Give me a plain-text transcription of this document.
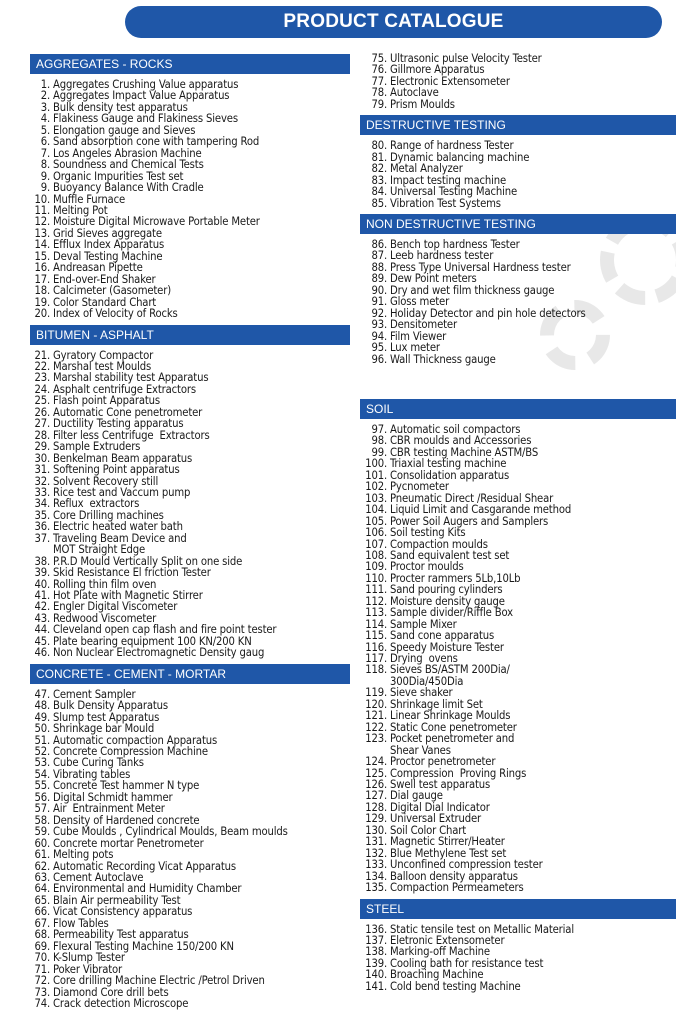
PRODUCT CATALOGUE
AGGREGATES - ROCKS
1. Aggregates Crushing Value apparatus
2. Aggregates Impact Value Apparatus
3. Bulk density test apparatus
4. Flakiness Gauge and Flakiness Sieves
5. Elongation gauge and Sieves
6. Sand absorption cone with tampering Rod
7. Los Angeles Abrasion Machine
8. Soundness and Chemical Tests
9. Organic Impurities Test set
9. Buoyancy Balance With Cradle
10. Muffle Furnace
11. Melting Pot
12. Moisture Digital Microwave Portable Meter
13. Grid Sieves aggregate
14. Efflux Index Apparatus
15. Deval Testing Machine
16. Andreasan Pipette
17. End-over-End Shaker
18. Calcimeter (Gasometer)
19. Color Standard Chart
20. Index of Velocity of Rocks
BITUMEN - ASPHALT
21. Gyratory Compactor
22. Marshal test Moulds
23. Marshal stability test Apparatus
24. Asphalt centrifuge Extractors
25. Flash point Apparatus
26. Automatic Cone penetrometer
27. Ductility Testing apparatus
28. Filter less Centrifuge  Extractors
29. Sample Extruders
30. Benkelman Beam apparatus
31. Softening Point apparatus
32. Solvent Recovery still
33. Rice test and Vaccum pump
34. Reflux  extractors
35. Core Drilling machines
36. Electric heated water bath
37. Traveling Beam Device and
MOT Straight Edge
38. P.R.D Mould Vertically Split on one side
39. Skid Resistance El friction Tester
40. Rolling thin film oven
41. Hot Plate with Magnetic Stirrer
42. Engler Digital Viscometer
43. Redwood Viscometer
44. Cleveland open cap flash and fire point tester
45. Plate bearing equipment 100 KN/200 KN
46. Non Nuclear Electromagnetic Density gaug
CONCRETE - CEMENT - MORTAR
47. Cement Sampler
48. Bulk Density Apparatus
49. Slump test Apparatus
50. Shrinkage bar Mould
51. Automatic compaction Apparatus
52. Concrete Compression Machine
53. Cube Curing Tanks
54. Vibrating tables
55. Concrete Test hammer N type
56. Digital Schmidt hammer
57. Air  Entrainment Meter
58. Density of Hardened concrete
59. Cube Moulds , Cylindrical Moulds, Beam moulds
60. Concrete mortar Penetrometer
61. Melting pots
62. Automatic Recording Vicat Apparatus
63. Cement Autoclave
64. Environmental and Humidity Chamber
65. Blain Air permeability Test
66. Vicat Consistency apparatus
67. Flow Tables
68. Permeability Test apparatus
69. Flexural Testing Machine 150/200 KN
70. K-Slump Tester
71. Poker Vibrator
72. Core drilling Machine Electric /Petrol Driven
73. Diamond Core drill bets
74. Crack detection Microscope
75. Ultrasonic pulse Velocity Tester
76. Gillmore Apparatus
77. Electronic Extensometer
78. Autoclave
79. Prism Moulds
DESTRUCTIVE TESTING
80. Range of hardness Tester
81. Dynamic balancing machine
82. Metal Analyzer
83. Impact testing machine
84. Universal Testing Machine
85. Vibration Test Systems
NON DESTRUCTIVE TESTING
86. Bench top hardness Tester
87. Leeb hardness tester
88. Press Type Universal Hardness tester
89. Dew Point meters
90. Dry and wet film thickness gauge
91. Gloss meter
92. Holiday Detector and pin hole detectors
93. Densitometer
94. Film Viewer
95. Lux meter
96. Wall Thickness gauge
SOIL
97. Automatic soil compactors
98. CBR moulds and Accessories
99. CBR testing Machine ASTM/BS
100. Triaxial testing machine
101. Consolidation apparatus
102. Pycnometer
103. Pneumatic Direct /Residual Shear
104. Liquid Limit and Casgarande method
105. Power Soil Augers and Samplers
106. Soil testing Kits
107. Compaction moulds
108. Sand equivalent test set
109. Proctor moulds
110. Procter rammers 5Lb,10Lb
111. Sand pouring cylinders
112. Moisture density gauge
113. Sample divider/Riffle Box
114. Sample Mixer
115. Sand cone apparatus
116. Speedy Moisture Tester
117. Drying  ovens
118. Sieves BS/ASTM 200Dia/
300Dia/450Dia
119. Sieve shaker
120. Shrinkage limit Set
121. Linear Shrinkage Moulds
122. Static Cone penetrometer
123. Pocket penetrometer and
Shear Vanes
124. Proctor penetrometer
125. Compression  Proving Rings
126. Swell test apparatus
127. Dial gauge
128. Digital Dial Indicator
129. Universal Extruder
130. Soil Color Chart
131. Magnetic Stirrer/Heater
132. Blue Methylene Test set
133. Unconfined compression tester
134. Balloon density apparatus
135. Compaction Permeameters
STEEL
136. Static tensile test on Metallic Material
137. Eletronic Extensometer
138. Marking-off Machine
139. Cooling bath for resistance test
140. Broaching Machine
141. Cold bend testing Machine
